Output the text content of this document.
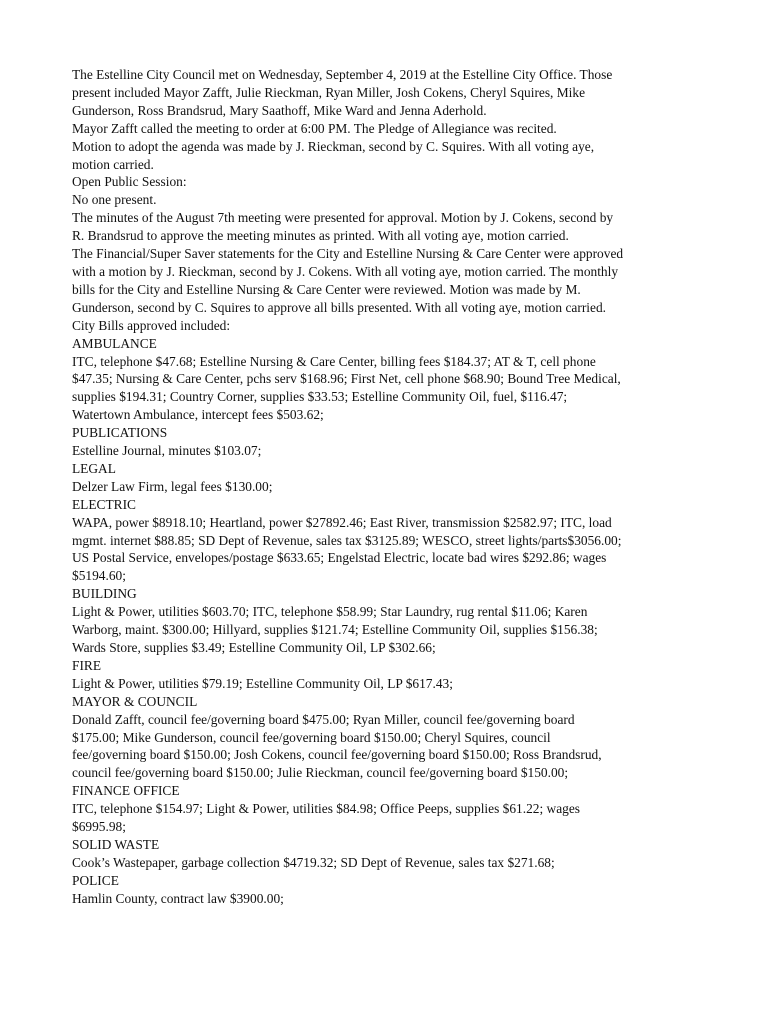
The Estelline City Council met on Wednesday, September 4, 2019 at the Estelline City Office. Those
present included Mayor Zafft, Julie Rieckman, Ryan Miller, Josh Cokens, Cheryl Squires, Mike
Gunderson, Ross Brandsrud, Mary Saathoff, Mike Ward and Jenna Aderhold.
Mayor Zafft called the meeting to order at 6:00 PM. The Pledge of Allegiance was recited.
Motion to adopt the agenda was made by J. Rieckman, second by C. Squires. With all voting aye,
motion carried.
Open Public Session:
No one present.
The minutes of the August 7th meeting were presented for approval. Motion by J. Cokens, second by
R. Brandsrud to approve the meeting minutes as printed. With all voting aye, motion carried.
The Financial/Super Saver statements for the City and Estelline Nursing & Care Center were approved
with a motion by J. Rieckman, second by J. Cokens. With all voting aye, motion carried. The monthly
bills for the City and Estelline Nursing & Care Center were reviewed. Motion was made by M.
Gunderson, second by C. Squires to approve all bills presented. With all voting aye, motion carried.
City Bills approved included:
AMBULANCE
ITC, telephone $47.68; Estelline Nursing & Care Center, billing fees $184.37; AT & T, cell phone
$47.35; Nursing & Care Center, pchs serv $168.96; First Net, cell phone $68.90; Bound Tree Medical,
supplies $194.31; Country Corner, supplies $33.53; Estelline Community Oil, fuel, $116.47;
Watertown Ambulance, intercept fees $503.62;
PUBLICATIONS
Estelline Journal, minutes $103.07;
LEGAL
Delzer Law Firm, legal fees $130.00;
ELECTRIC
WAPA, power $8918.10; Heartland, power $27892.46; East River, transmission $2582.97; ITC, load
mgmt. internet $88.85; SD Dept of Revenue, sales tax $3125.89; WESCO, street lights/parts$3056.00;
US Postal Service, envelopes/postage $633.65; Engelstad Electric, locate bad wires $292.86; wages
$5194.60;
BUILDING
Light & Power, utilities $603.70; ITC, telephone $58.99; Star Laundry, rug rental $11.06; Karen
Warborg, maint. $300.00; Hillyard, supplies $121.74; Estelline Community Oil, supplies $156.38;
Wards Store, supplies $3.49; Estelline Community Oil, LP $302.66;
FIRE
Light & Power, utilities $79.19; Estelline Community Oil, LP $617.43;
MAYOR & COUNCIL
Donald Zafft, council fee/governing board $475.00; Ryan Miller, council fee/governing board
$175.00; Mike Gunderson, council fee/governing board $150.00; Cheryl Squires, council
fee/governing board $150.00; Josh Cokens, council fee/governing board $150.00; Ross Brandsrud,
council fee/governing board $150.00; Julie Rieckman, council fee/governing board $150.00;
FINANCE OFFICE
ITC, telephone $154.97; Light & Power, utilities $84.98; Office Peeps, supplies $61.22; wages
$6995.98;
SOLID WASTE
Cook’s Wastepaper, garbage collection $4719.32; SD Dept of Revenue, sales tax $271.68;
POLICE
Hamlin County, contract law $3900.00;
